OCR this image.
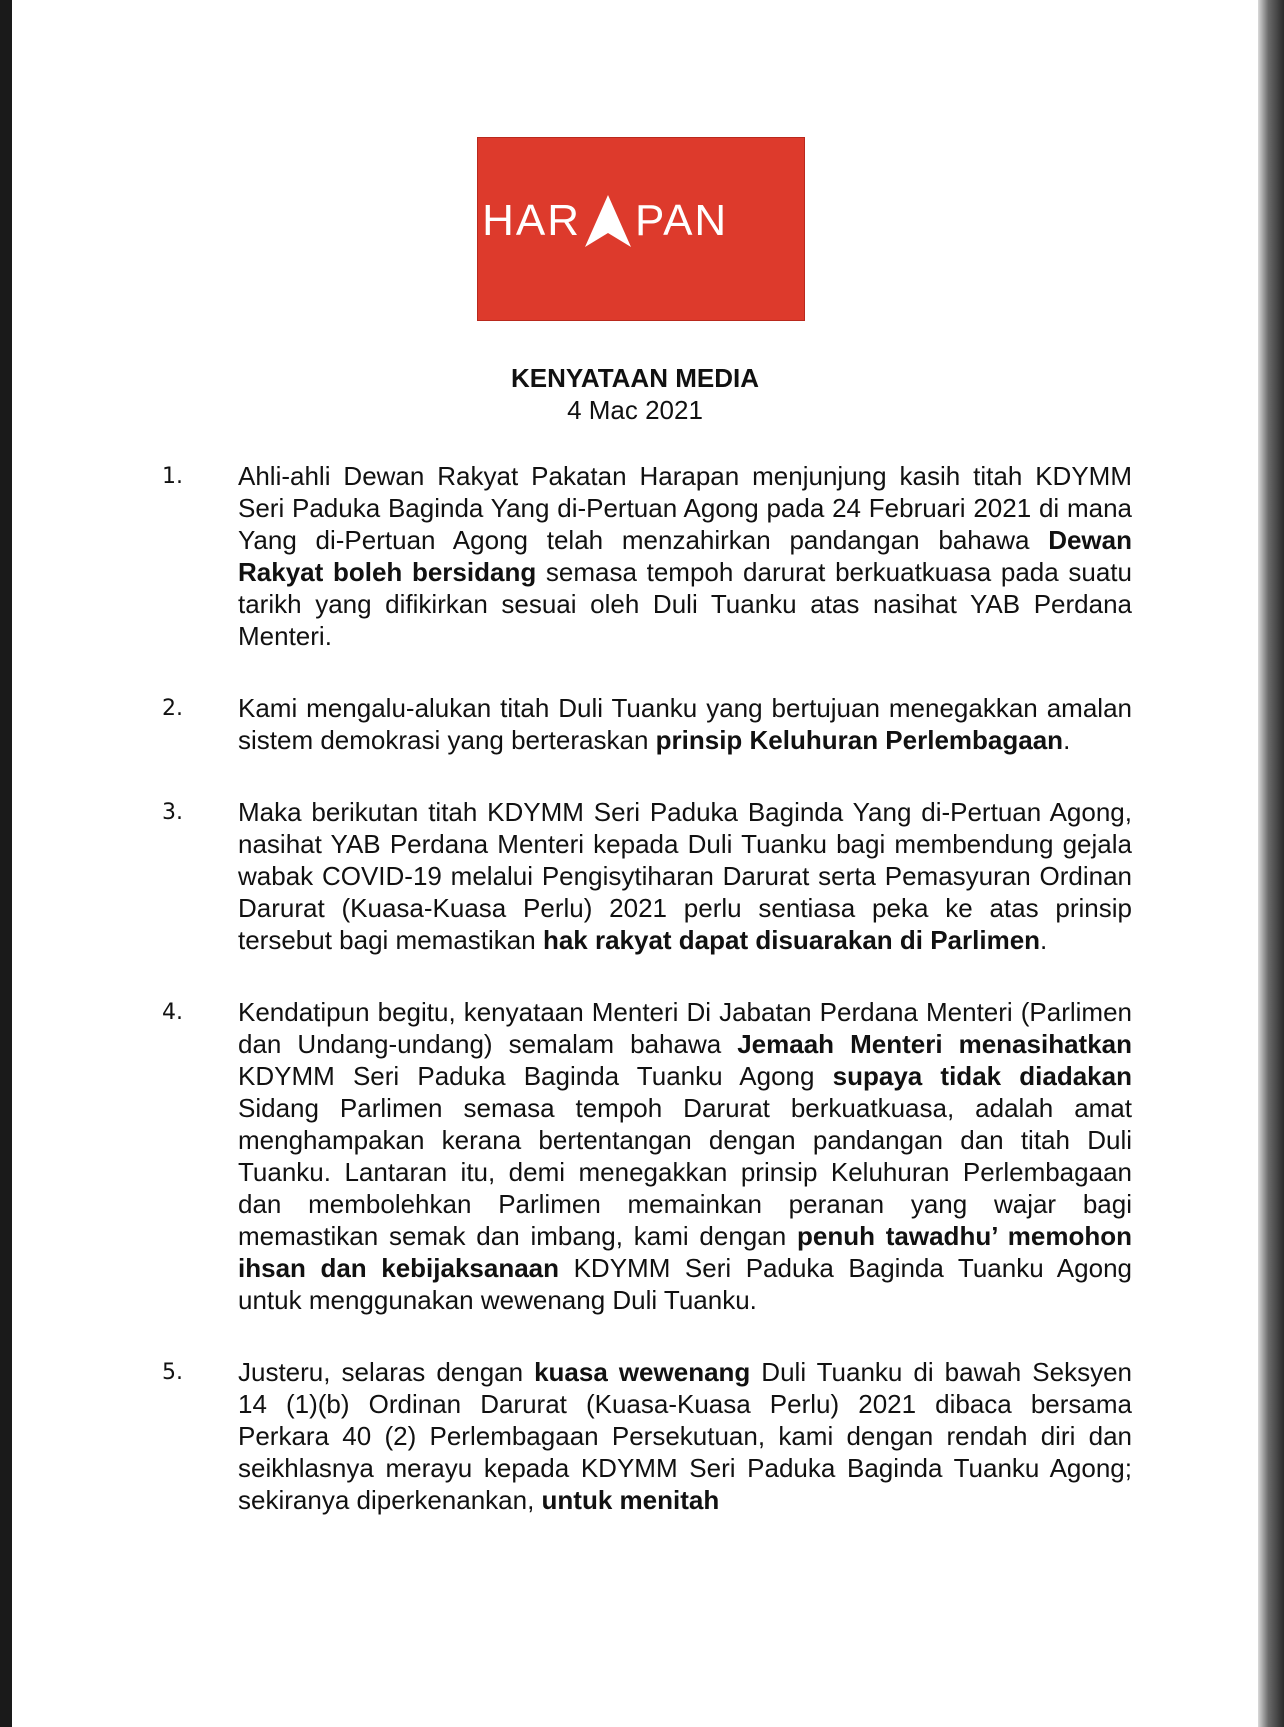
HAR PAN
KENYATAAN MEDIA
4 Mac 2021
1. Ahli-ahli Dewan Rakyat Pakatan Harapan menjunjung kasih titah KDYMM Seri Paduka Baginda Yang di-Pertuan Agong pada 24 Februari 2021 di mana Yang di-Pertuan Agong telah menzahirkan pandangan bahawa Dewan Rakyat boleh bersidang semasa tempoh darurat berkuatkuasa pada suatu tarikh yang difikirkan sesuai oleh Duli Tuanku atas nasihat YAB Perdana Menteri.
2. Kami mengalu-alukan titah Duli Tuanku yang bertujuan menegakkan amalan sistem demokrasi yang berteraskan prinsip Keluhuran Perlembagaan.
3. Maka berikutan titah KDYMM Seri Paduka Baginda Yang di-Pertuan Agong, nasihat YAB Perdana Menteri kepada Duli Tuanku bagi membendung gejala wabak COVID-19 melalui Pengisytiharan Darurat serta Pemasyuran Ordinan Darurat (Kuasa-Kuasa Perlu) 2021 perlu sentiasa peka ke atas prinsip tersebut bagi memastikan hak rakyat dapat disuarakan di Parlimen.
4. Kendatipun begitu, kenyataan Menteri Di Jabatan Perdana Menteri (Parlimen dan Undang-undang) semalam bahawa Jemaah Menteri menasihatkan KDYMM Seri Paduka Baginda Tuanku Agong supaya tidak diadakan Sidang Parlimen semasa tempoh Darurat berkuatkuasa, adalah amat menghampakan kerana bertentangan dengan pandangan dan titah Duli Tuanku. Lantaran itu, demi menegakkan prinsip Keluhuran Perlembagaan dan membolehkan Parlimen memainkan peranan yang wajar bagi memastikan semak dan imbang, kami dengan penuh tawadhu’ memohon ihsan dan kebijaksanaan KDYMM Seri Paduka Baginda Tuanku Agong untuk menggunakan wewenang Duli Tuanku.
5. Justeru, selaras dengan kuasa wewenang Duli Tuanku di bawah Seksyen 14 (1)(b) Ordinan Darurat (Kuasa-Kuasa Perlu) 2021 dibaca bersama Perkara 40 (2) Perlembagaan Persekutuan, kami dengan rendah diri dan seikhlasnya merayu kepada KDYMM Seri Paduka Baginda Tuanku Agong; sekiranya diperkenankan, untuk menitah
